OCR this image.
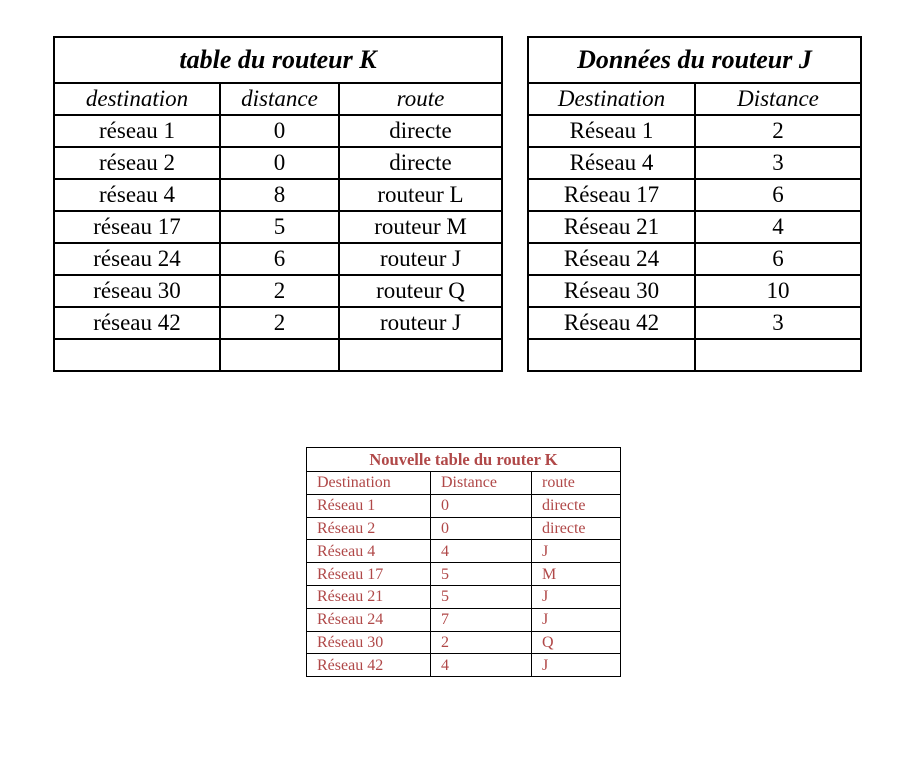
table du routeur K		
destination	distance	route
réseau 1	0	directe
réseau 2	0	directe
réseau 4	8	routeur L
réseau 17	5	routeur M
réseau 24	6	routeur J
réseau 30	2	routeur Q
réseau 42	2	routeur J

Données du routeur J	
Destination	Distance
Réseau 1	2
Réseau 4	3
Réseau 17	6
Réseau 21	4
Réseau 24	6
Réseau 30	10
Réseau 42	3

Nouvelle table du router K		
Destination	Distance	route
Réseau 1	0	directe
Réseau 2	0	directe
Réseau 4	4	J
Réseau 17	5	M
Réseau 21	5	J
Réseau 24	7	J
Réseau 30	2	Q
Réseau 42	4	J
